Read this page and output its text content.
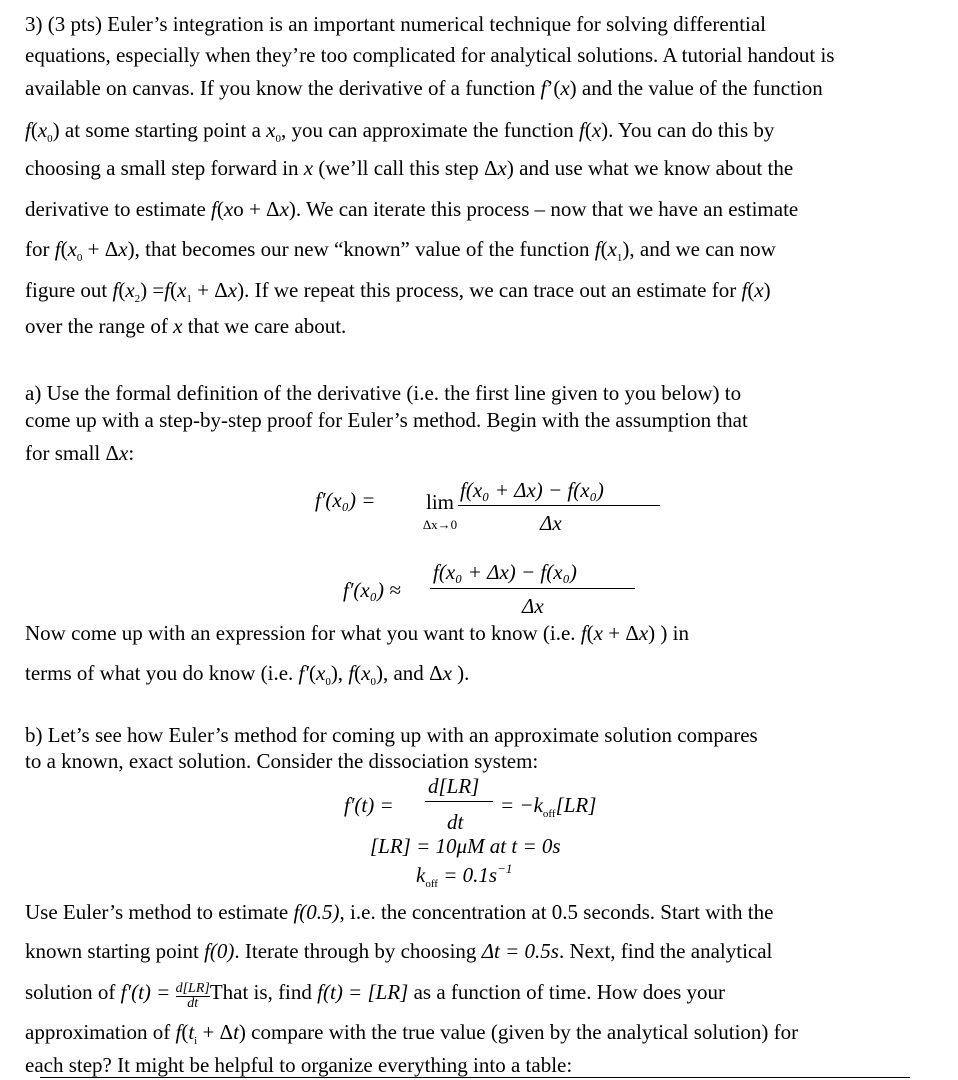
3) (3 pts) Euler’s integration is an important numerical technique for solving differential
equations, especially when they’re too complicated for analytical solutions. A tutorial handout is
available on canvas. If you know the derivative of a function f’(x) and the value of the function
$f(x_0)$ at some starting point a $x_0$, you can approximate the function f(x). You can do this by
choosing a small step forward in x (we’ll call this step Δx) and use what we know about the
derivative to estimate f(xo + Δx). We can iterate this process – now that we have an estimate
for $f(x_0 + \Delta x)$, that becomes our new “known” value of the function $f(x_1)$, and we can now
figure out $f(x_2) =f(x_1 + \Delta x)$. If we repeat this process, we can trace out an estimate for f(x)
over the range of x that we care about.
a) Use the formal definition of the derivative (i.e. the first line given to you below) to
come up with a step-by-step proof for Euler’s method. Begin with the assumption that
for small Δx:
f′(x₀) =	lim
Δx→0
f(x₀ + Δx) − f(x₀)
Δx
f′(x₀) ≈
f(x₀ + Δx) − f(x₀)
Δx
Now come up with an expression for what you want to know (i.e. f(x + Δx) ) in
terms of what you do know (i.e. $f'(x_0)$, $f(x_0)$, and Δx ).
b) Let’s see how Euler’s method for coming up with an approximate solution compares
to a known, exact solution. Consider the dissociation system:
f′(t) =
d[LR]
dt
= $-k_{off}[LR]$
[LR] = 10μM at t = 0s
$k_{off} = 0.1s^{-1}$
Use Euler’s method to estimate f(0.5), i.e. the concentration at 0.5 seconds. Start with the
known starting point f(0). Iterate through by choosing Δt = 0.5s. Next, find the analytical
solution of $f'(t) = \frac{d[LR]}{dt}$ That is, find f(t) = [LR] as a function of time. How does your
approximation of $f(t_i + \Delta t)$ compare with the true value (given by the analytical solution) for
each step? It might be helpful to organize everything into a table:
